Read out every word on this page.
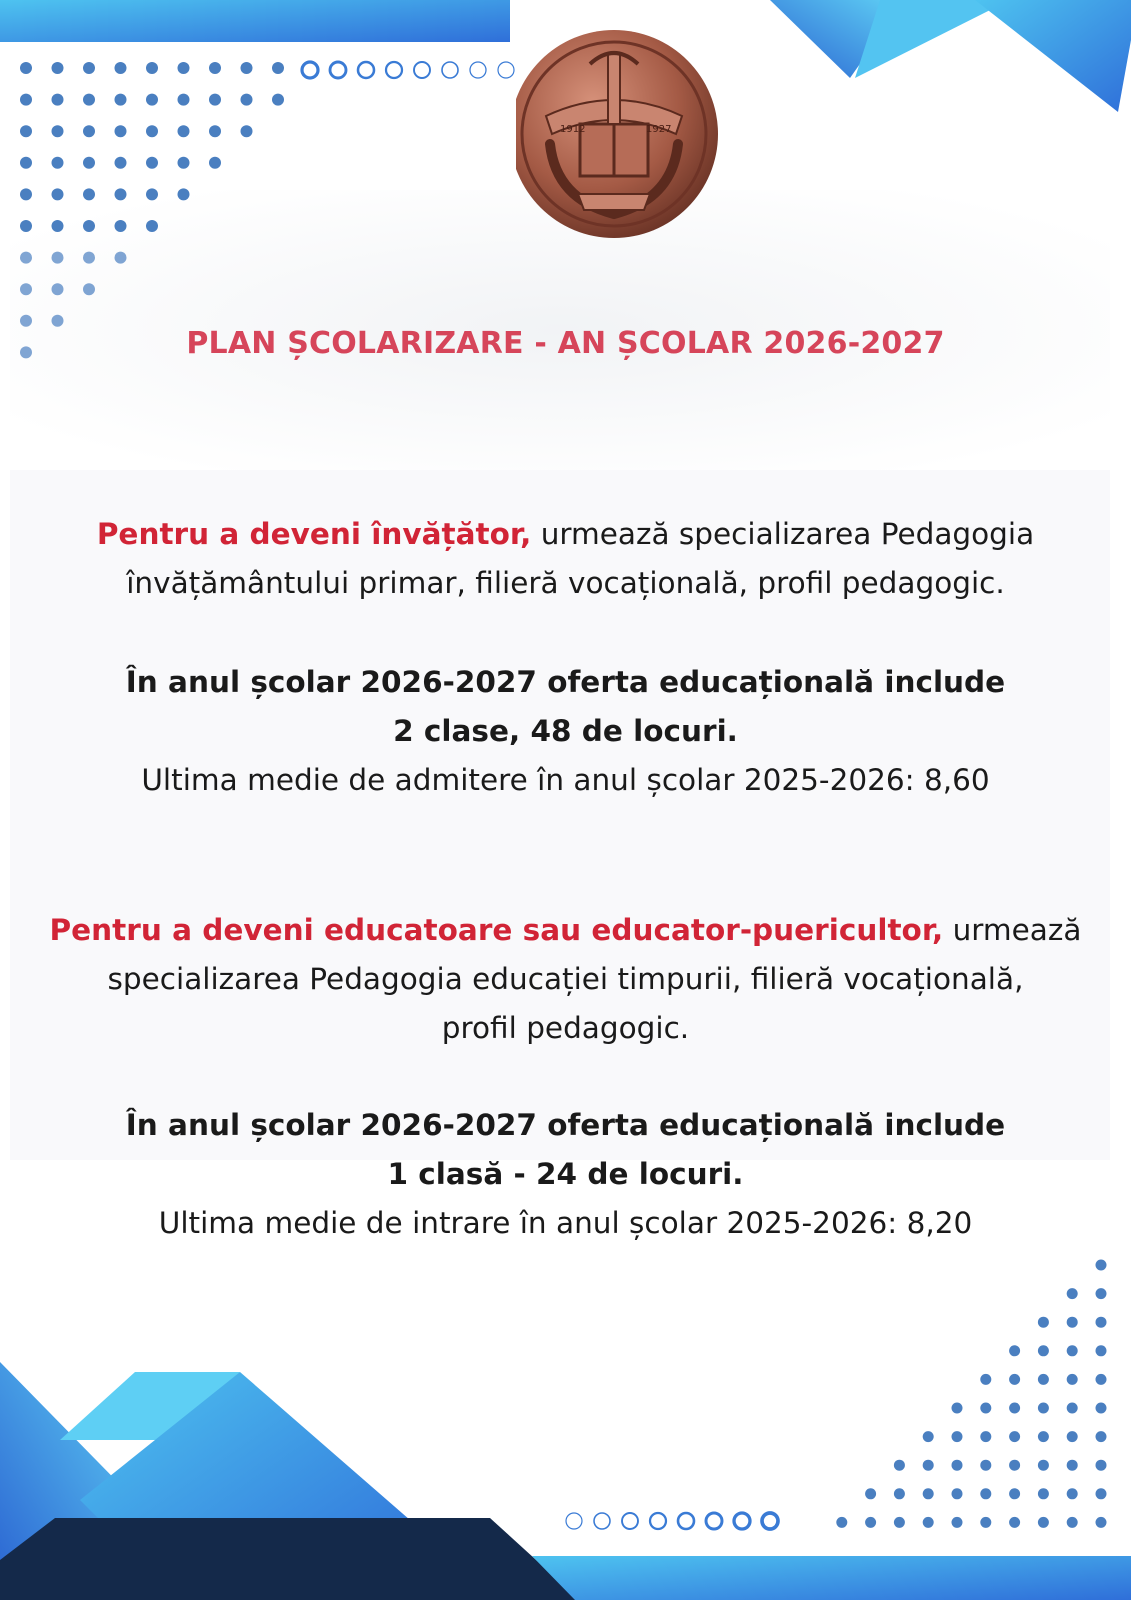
1912	1927
PLAN ȘCOLARIZARE - AN ȘCOLAR 2026-2027
Pentru a deveni învățător, urmează specializarea Pedagogia
învățământului primar, filieră vocațională, profil pedagogic.
În anul școlar 2026-2027 oferta educațională include
2 clase, 48 de locuri.
Ultima medie de admitere în anul școlar 2025-2026: 8,60
Pentru a deveni educatoare sau educator-puericultor, urmează
specializarea Pedagogia educației timpurii, filieră vocațională,
profil pedagogic.
În anul școlar 2026-2027 oferta educațională include
1 clasă - 24 de locuri.
Ultima medie de intrare în anul școlar 2025-2026: 8,20
